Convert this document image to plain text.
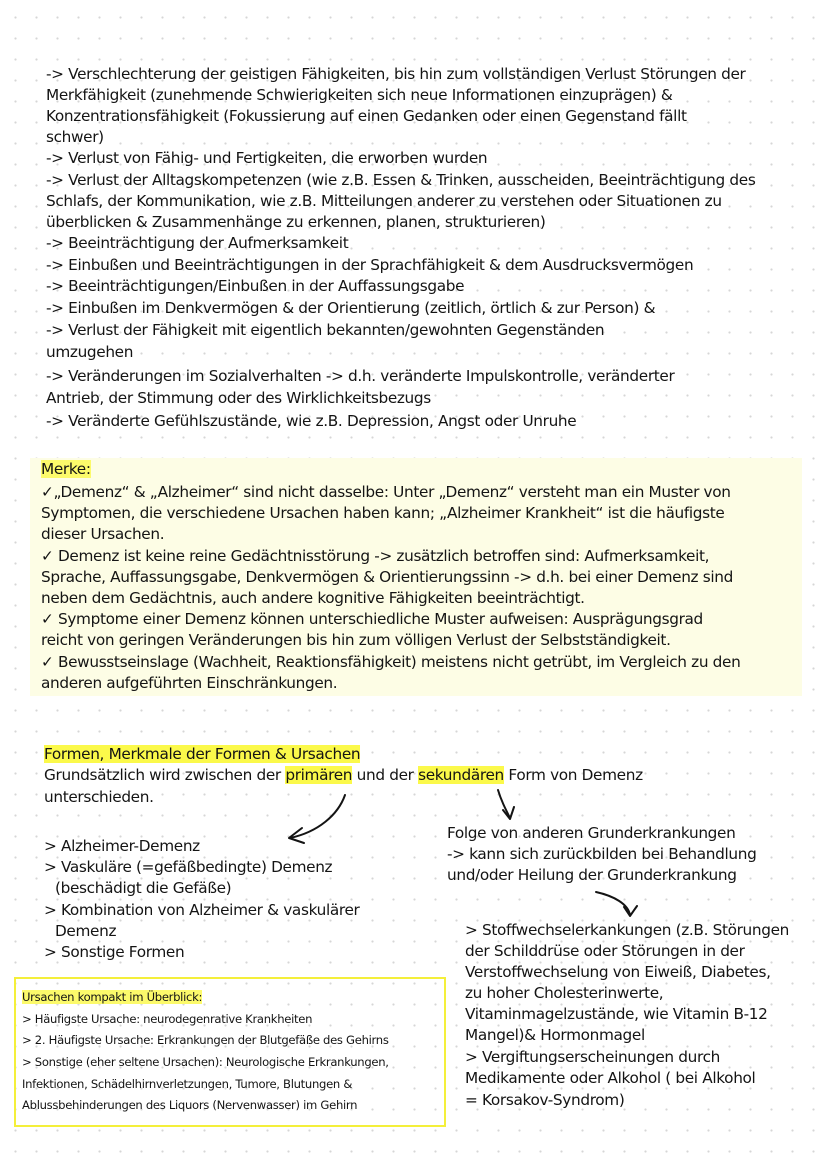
-> Verschlechterung der geistigen Fähigkeiten, bis hin zum vollständigen Verlust Störungen der
Merkfähigkeit (zunehmende Schwierigkeiten sich neue Informationen einzuprägen) &
Konzentrationsfähigkeit (Fokussierung auf einen Gedanken oder einen Gegenstand fällt
schwer)
-> Verlust von Fähig- und Fertigkeiten, die erworben wurden
-> Verlust der Alltagskompetenzen (wie z.B. Essen & Trinken, ausscheiden, Beeinträchtigung des
Schlafs, der Kommunikation, wie z.B. Mitteilungen anderer zu verstehen oder Situationen zu
überblicken & Zusammenhänge zu erkennen, planen, strukturieren)
-> Beeinträchtigung der Aufmerksamkeit
-> Einbußen und Beeinträchtigungen in der Sprachfähigkeit & dem Ausdrucksvermögen
-> Beeinträchtigungen/Einbußen in der Auffassungsgabe
-> Einbußen im Denkvermögen & der Orientierung (zeitlich, örtlich & zur Person) &
-> Verlust der Fähigkeit mit eigentlich bekannten/gewohnten Gegenständen
umzugehen
-> Veränderungen im Sozialverhalten -> d.h. veränderte Impulskontrolle, veränderter
Antrieb, der Stimmung oder des Wirklichkeitsbezugs
-> Veränderte Gefühlszustände, wie z.B. Depression, Angst oder Unruhe
Merke:
✓„Demenz“ & „Alzheimer“ sind nicht dasselbe: Unter „Demenz“ versteht man ein Muster von
Symptomen, die verschiedene Ursachen haben kann; „Alzheimer Krankheit“ ist die häufigste
dieser Ursachen.
✓ Demenz ist keine reine Gedächtnisstörung -> zusätzlich betroffen sind: Aufmerksamkeit,
Sprache, Auffassungsgabe, Denkvermögen & Orientierungssinn -> d.h. bei einer Demenz sind
neben dem Gedächtnis, auch andere kognitive Fähigkeiten beeinträchtigt.
✓ Symptome einer Demenz können unterschiedliche Muster aufweisen: Ausprägungsgrad
reicht von geringen Veränderungen bis hin zum völligen Verlust der Selbstständigkeit.
✓ Bewusstseinslage (Wachheit, Reaktionsfähigkeit) meistens nicht getrübt, im Vergleich zu den
anderen aufgeführten Einschränkungen.
Formen, Merkmale der Formen & Ursachen
Grundsätzlich wird zwischen der primären und der sekundären Form von Demenz
unterschieden.
> Alzheimer-Demenz
> Vaskuläre (=gefäßbedingte) Demenz
(beschädigt die Gefäße)
> Kombination von Alzheimer & vaskulärer
Demenz
> Sonstige Formen
Folge von anderen Grunderkrankungen
-> kann sich zurückbilden bei Behandlung
und/oder Heilung der Grunderkrankung
> Stoffwechselerkankungen (z.B. Störungen
der Schilddrüse oder Störungen in der
Verstoffwechselung von Eiweiß, Diabetes,
zu hoher Cholesterinwerte,
Vitaminmagelzustände, wie Vitamin B-12
Mangel)& Hormonmagel
> Vergiftungserscheinungen durch
Medikamente oder Alkohol ( bei Alkohol
= Korsakov-Syndrom)
Ursachen kompakt im Überblick:
> Häufigste Ursache: neurodegenrative Krankheiten
> 2. Häufigste Ursache: Erkrankungen der Blutgefäße des Gehirns
> Sonstige (eher seltene Ursachen): Neurologische Erkrankungen,
Infektionen, Schädelhirnverletzungen, Tumore, Blutungen &
Ablussbehinderungen des Liquors (Nervenwasser) im Gehirn
